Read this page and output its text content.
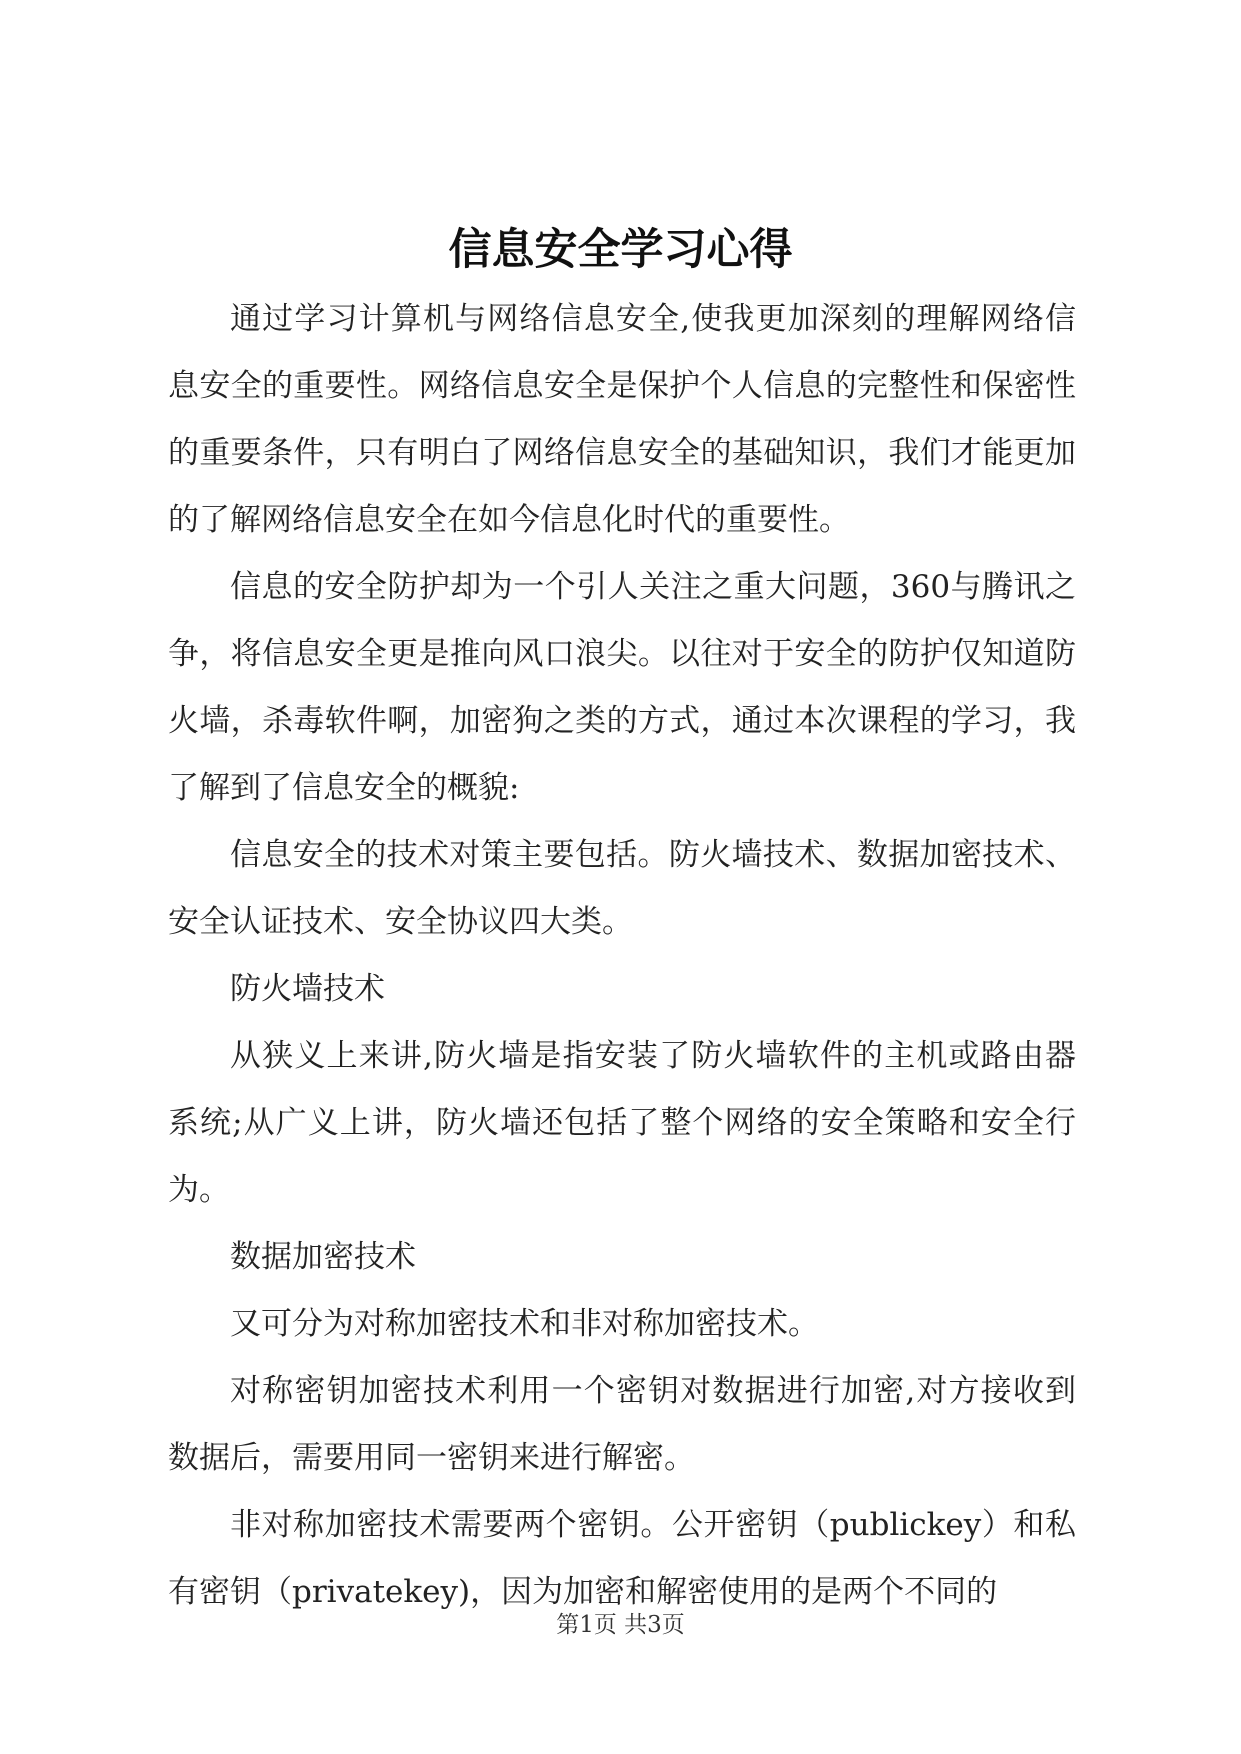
信息安全学习心得

通过学习计算机与网络信息安全,使我更加深刻的理解网络信息安全的重要性。网络信息安全是保护个人信息的完整性和保密性的重要条件，只有明白了网络信息安全的基础知识，我们才能更加的了解网络信息安全在如今信息化时代的重要性。

信息的安全防护却为一个引人关注之重大问题，360与腾讯之争，将信息安全更是推向风口浪尖。以往对于安全的防护仅知道防火墙，杀毒软件啊，加密狗之类的方式，通过本次课程的学习，我了解到了信息安全的概貌:

信息安全的技术对策主要包括。防火墙技术、数据加密技术、安全认证技术、安全协议四大类。

防火墙技术

从狭义上来讲,防火墙是指安装了防火墙软件的主机或路由器系统;从广义上讲，防火墙还包括了整个网络的安全策略和安全行为。

数据加密技术

又可分为对称加密技术和非对称加密技术。

对称密钥加密技术利用一个密钥对数据进行加密,对方接收到数据后，需要用同一密钥来进行解密。

非对称加密技术需要两个密钥。公开密钥（publickey）和私有密钥（privatekey)，因为加密和解密使用的是两个不同的

第1页 共3页
